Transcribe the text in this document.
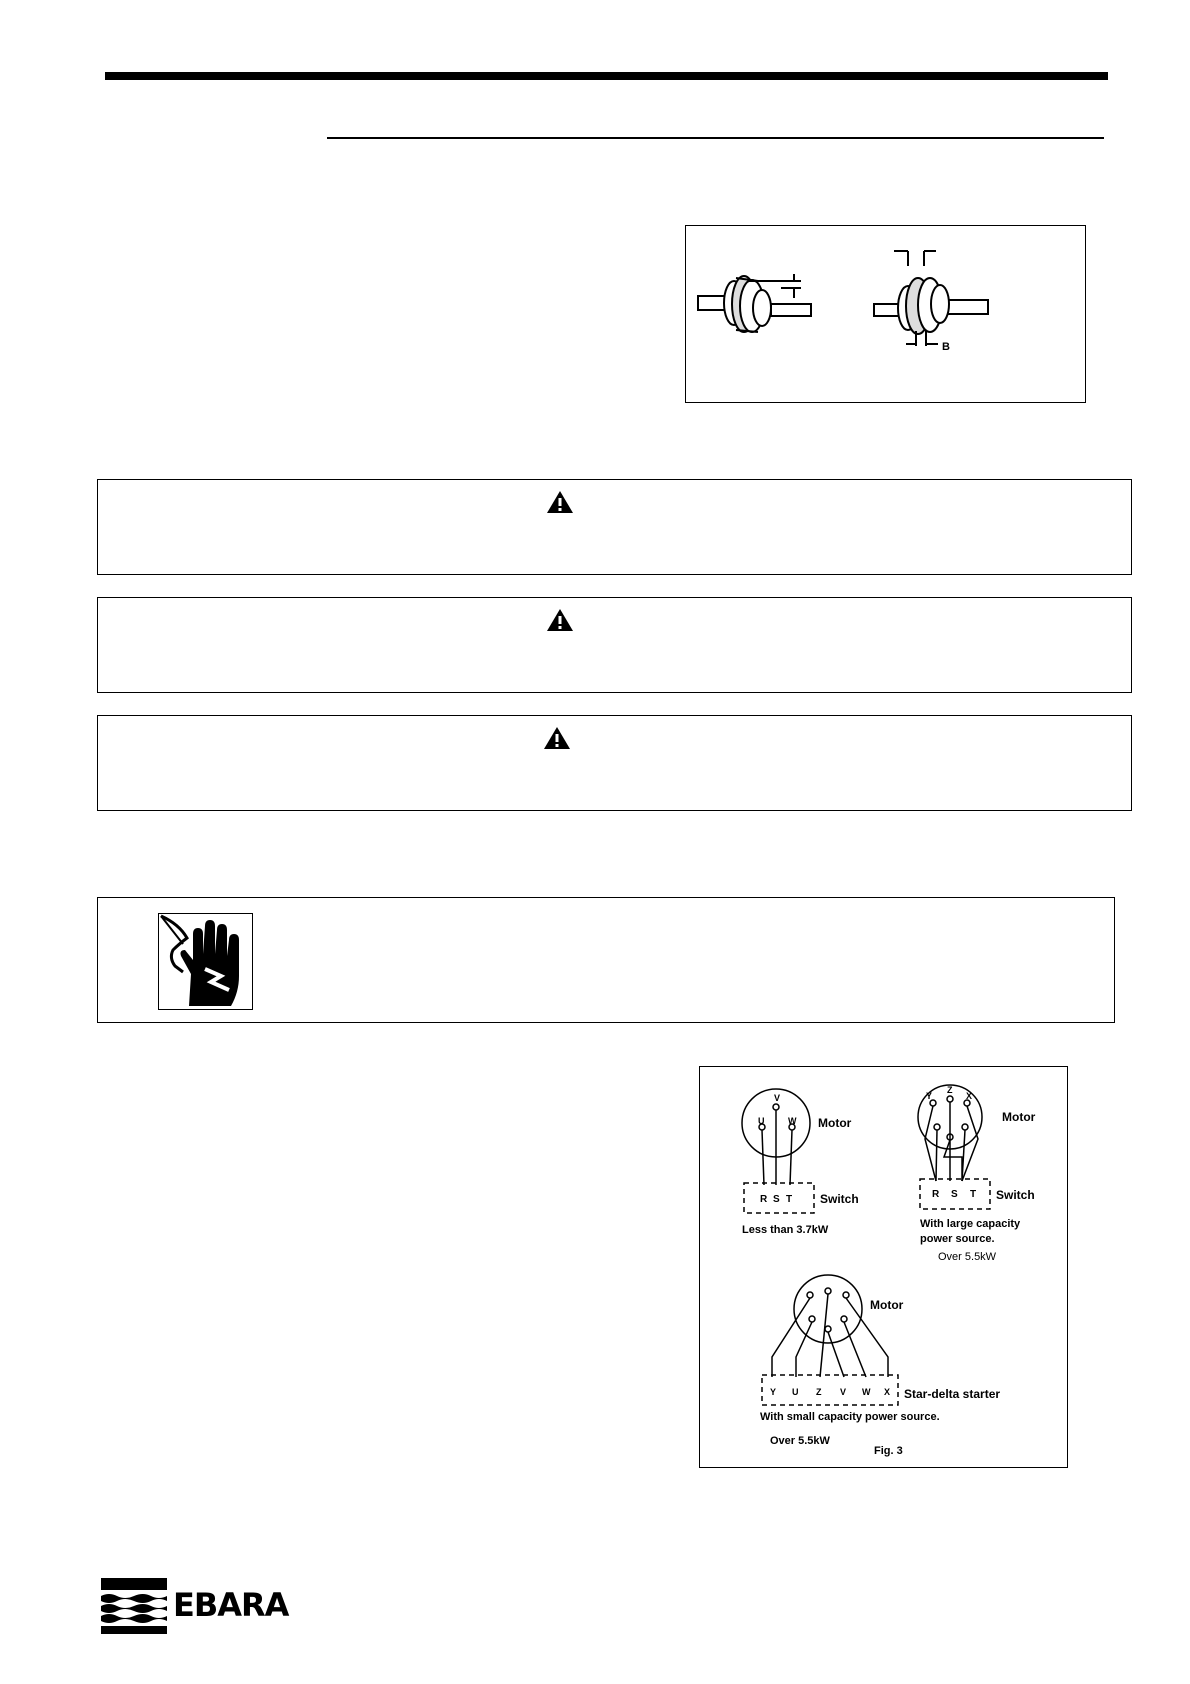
B
V
U	W
R S T
Motor
Switch
Less than 3.7kW
Z
Y	X
R S T
Motor
Switch
With large capacity
power source.
Over 5.5kW
Y U Z V W X
Motor
Star-delta starter
With small capacity power source.
Over 5.5kW
Fig. 3
EBARA
